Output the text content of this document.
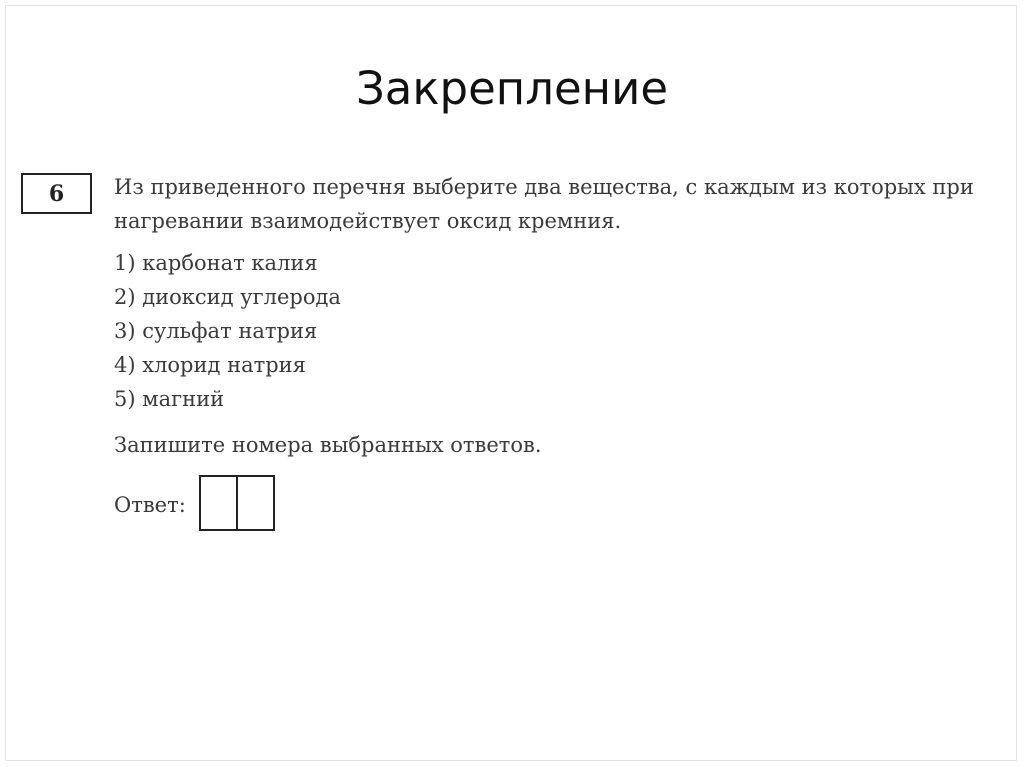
Закрепление
6	Из приведенного перечня выберите два вещества, с каждым из которых при нагревании взаимодействует оксид кремния.
1) карбонат калия
2) диоксид углерода
3) сульфат натрия
4) хлорид натрия
5) магний
Запишите номера выбранных ответов.
Ответ:
